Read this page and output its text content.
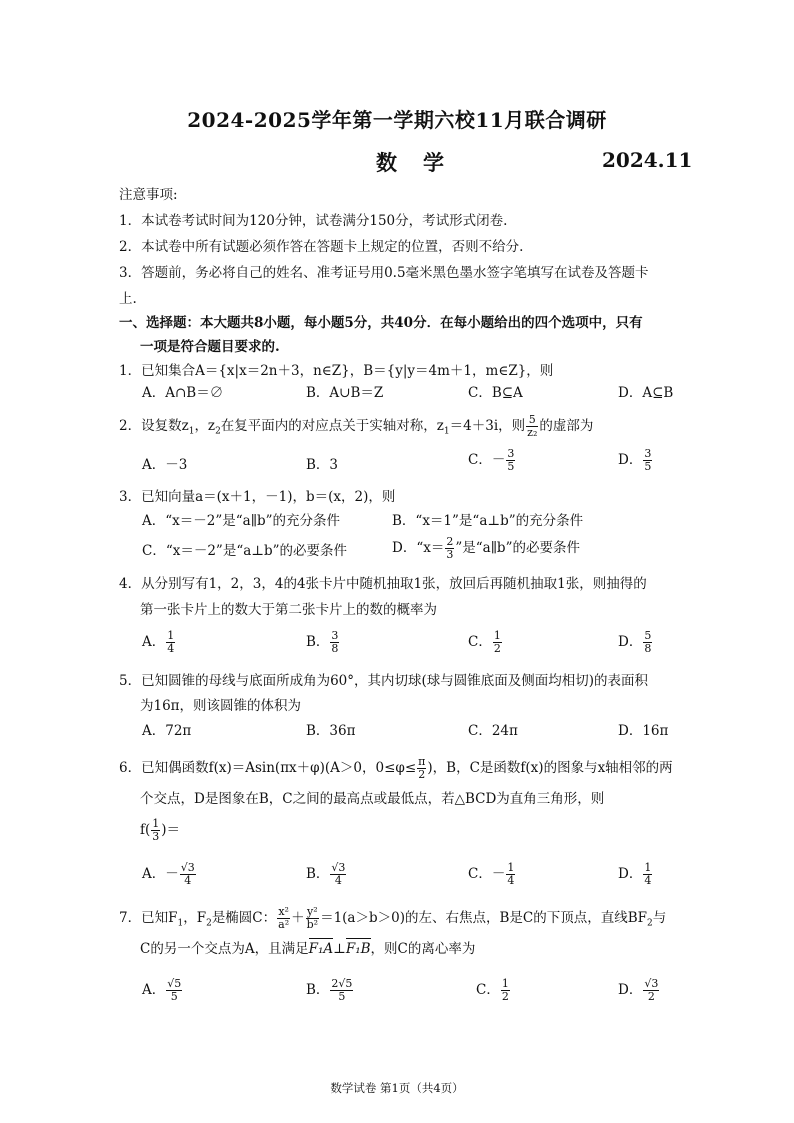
2024-2025学年第一学期六校11月联合调研
数学	2024.11
注意事项:
1．本试卷考试时间为120分钟，试卷满分150分，考试形式闭卷.
2．本试卷中所有试题必须作答在答题卡上规定的位置，否则不给分.
3．答题前，务必将自己的姓名、准考证号用0.5毫米黑色墨水签字笔填写在试卷及答题卡
上.
一、选择题：本大题共8小题，每小题5分，共40分．在每小题给出的四个选项中，只有
一项是符合题目要求的.
1．已知集合A＝{x|x＝2n＋3，n∈Z}，B＝{y|y＝4m＋1，m∈Z}，则
A．A∩B＝∅	B．A∪B＝Z	C．B⊆A	D．A⊆B
2．设复数$z_1$，$z_2$在复平面内的对应点关于实轴对称，$z_1=4+3i$，则 $\frac{5}{\text{z₂}}$ 的虚部为
A．－3	B．3	C．－ $\frac{3}{5}$	D． $\frac{3}{5}$
3．已知向量a＝(x＋1，－1)，b＝(x，2)，则
A．“x＝－2”是“a∥b”的充分条件	B．“x＝1”是“a⊥b”的充分条件
C．“x＝－2”是“a⊥b”的必要条件	D．“$x= \frac{2}{3}$ ”是“a∥b”的必要条件
4．从分别写有1，2，3，4的4张卡片中随机抽取1张，放回后再随机抽取1张，则抽得的
第一张卡片上的数大于第二张卡片上的数的概率为
A． $\frac{1}{4}$	B． $\frac{3}{8}$	C． $\frac{1}{2}$	D． $\frac{5}{8}$
5．已知圆锥的母线与底面所成角为60°，其内切球(球与圆锥底面及侧面均相切)的表面积
为16π，则该圆锥的体积为
A．72π	B．36π	C．24π	D．16π
6．已知偶函数f(x)＝Asin(πx＋φ)(A＞0，$0\le\varphi\le \frac{\pi}{2}$ )，B，C是函数f(x)的图象与x轴相邻的两
个交点，D是图象在B，C之间的最高点或最低点，若△BCD为直角三角形，则
$f( \frac{1}{3}$ )＝
A．－ $\frac{√3}{4}$	B． $\frac{√3}{4}$	C．－ $\frac{1}{4}$	D． $\frac{1}{4}$
7．已知$F_1$，$F_2$是椭圆C： $\frac{\text{x²}}{\text{a²}} + \frac{\text{y²}}{\text{b²}} =1(a>b>0)$的左、右焦点，B是C的下顶点，直线$BF_2$与
C的另一个交点为A，且满足F₁A⊥F₁B，则C的离心率为
A． $\frac{√5}{5}$	B． $\frac{2√5}{5}$	C． $\frac{1}{2}$	D． $\frac{√3}{2}$
数学试卷 第1页（共4页）
